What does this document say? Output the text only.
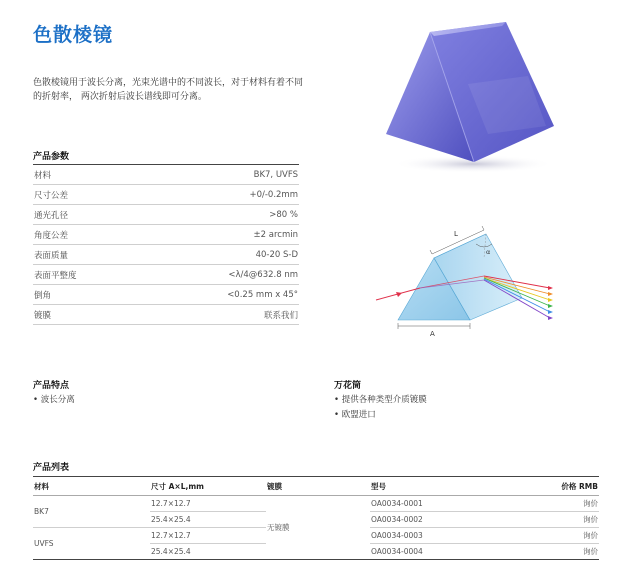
色散棱镜
色散棱镜用于波长分离，光束光谱中的不同波长，对于材料有着不同的折射率， 两次折射后波长谱线即可分离。
产品参数
材料	BK7, UVFS
尺寸公差	+0/-0.2mm
通光孔径	>80 %
角度公差	±2 arcmin
表面质量	40-20 S-D
表面平整度	<λ/4@632.8 nm
倒角	<0.25 mm x 45°
镀膜	联系我们
L
A
α
产品特点
• 波长分离
万花筒
• 提供各种类型介质镀膜
• 欧盟进口
产品列表
材料	尺寸 A×L,mm	镀膜	型号	价格 RMB
BK7	12.7×12.7	无镀膜	OA0034-0001	询价
	25.4×25.4		OA0034-0002	询价
UVFS	12.7×12.7		OA0034-0003	询价
	25.4×25.4		OA0034-0004	询价
